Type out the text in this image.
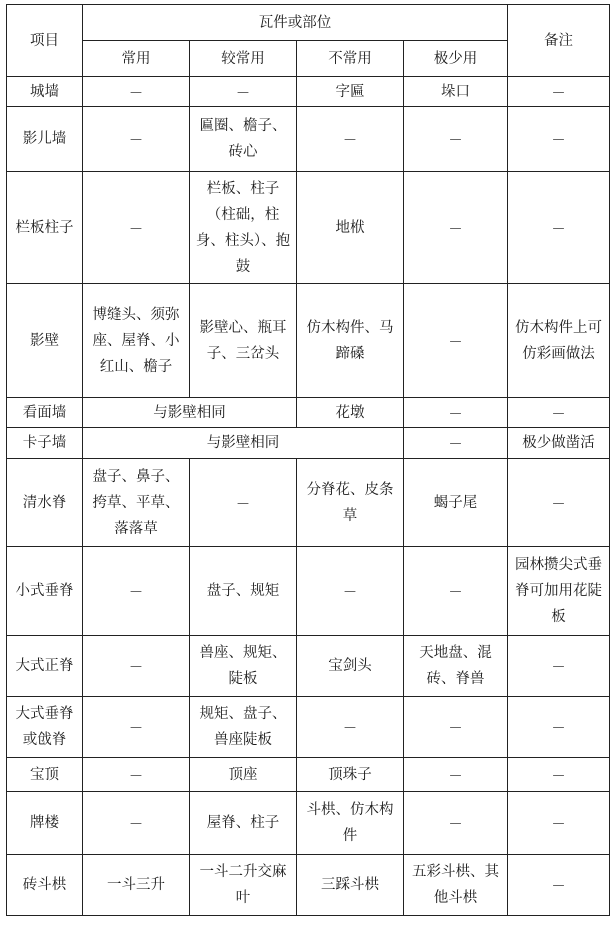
项目	瓦件或部位				备注
	常用	较常用	不常用	极少用	
城墙	—	—	字匾	垛口	—
影儿墙	—	匾圈、檐子、砖心	—	—	—
栏板柱子	—	栏板、柱子（柱础，柱身、柱头）、抱鼓	地栿	—	—
影壁	博缝头、须弥座、屋脊、小红山、檐子	影壁心、瓶耳子、三岔头	仿木构件、马蹄磉	—	仿木构件上可仿彩画做法
看面墙	与影壁相同		花墩	—	—
卡子墙	与影壁相同			—	极少做凿活
清水脊	盘子、鼻子、挎草、平草、落落草	—	分脊花、皮条草	蝎子尾	—
小式垂脊	—	盘子、规矩	—	—	园林攒尖式垂脊可加用花陡板
大式正脊	—	兽座、规矩、陡板	宝剑头	天地盘、混砖、脊兽	—
大式垂脊或戗脊	—	规矩、盘子、兽座陡板	—	—	—
宝顶	—	顶座	顶珠子	—	—
牌楼	—	屋脊、柱子	斗栱、仿木构件	—	—
砖斗栱	一斗三升	一斗二升交麻叶	三踩斗栱	五彩斗栱、其他斗栱	—
